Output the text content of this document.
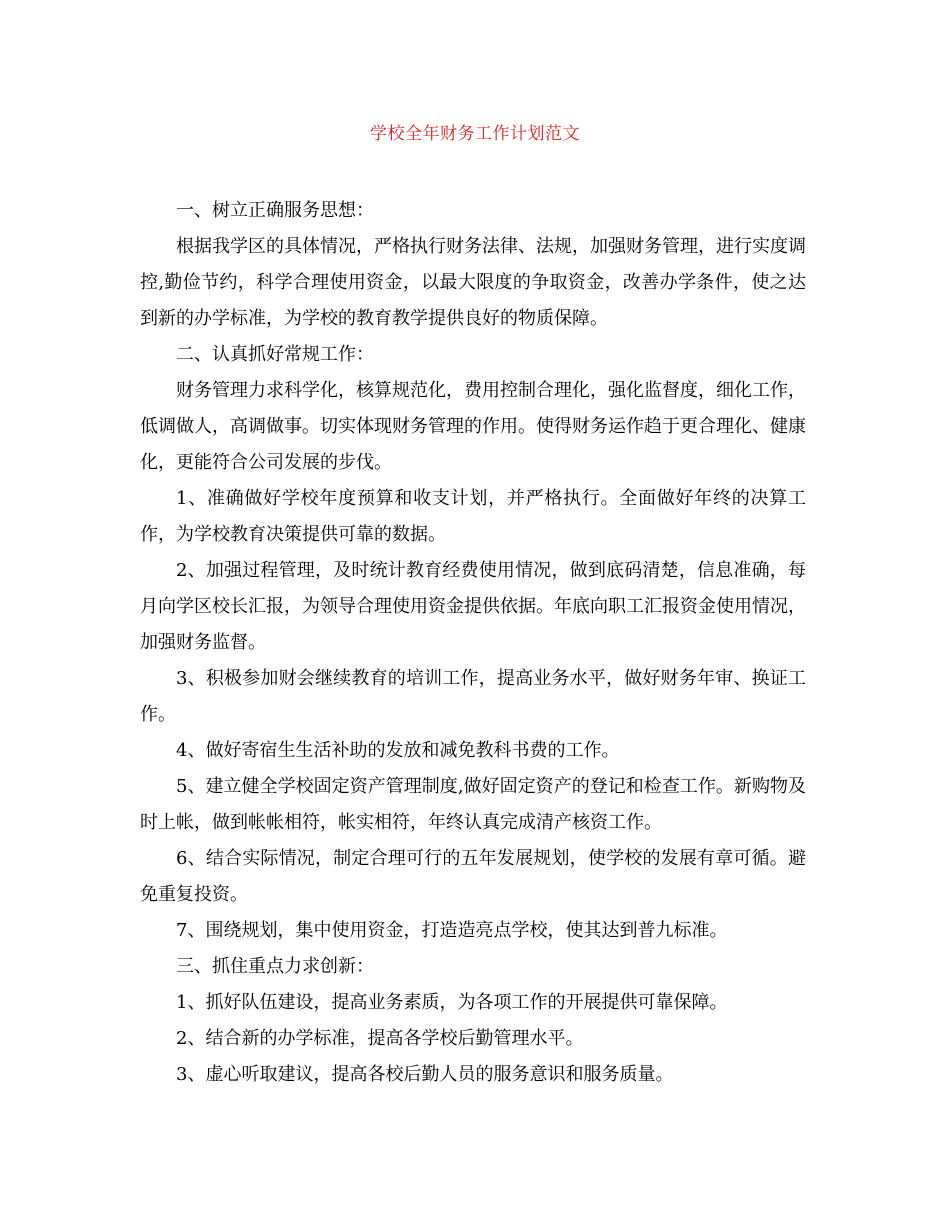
学校全年财务工作计划范文

一、树立正确服务思想：

根据我学区的具体情况，严格执行财务法律、法规，加强财务管理，进行实度调控,勤俭节约，科学合理使用资金，以最大限度的争取资金，改善办学条件，使之达到新的办学标准，为学校的教育教学提供良好的物质保障。

二、认真抓好常规工作：

财务管理力求科学化，核算规范化，费用控制合理化，强化监督度，细化工作，低调做人，高调做事。切实体现财务管理的作用。使得财务运作趋于更合理化、健康化，更能符合公司发展的步伐。

1、准确做好学校年度预算和收支计划，并严格执行。全面做好年终的决算工作，为学校教育决策提供可靠的数据。

2、加强过程管理，及时统计教育经费使用情况，做到底码清楚，信息准确，每月向学区校长汇报，为领导合理使用资金提供依据。年底向职工汇报资金使用情况，加强财务监督。

3、积极参加财会继续教育的培训工作，提高业务水平，做好财务年审、换证工作。

4、做好寄宿生生活补助的发放和减免教科书费的工作。

5、建立健全学校固定资产管理制度,做好固定资产的登记和检查工作。新购物及时上帐，做到帐帐相符，帐实相符，年终认真完成清产核资工作。

6、结合实际情况，制定合理可行的五年发展规划，使学校的发展有章可循。避免重复投资。

7、围绕规划，集中使用资金，打造造亮点学校，使其达到普九标准。

三、抓住重点力求创新：

1、抓好队伍建设，提高业务素质，为各项工作的开展提供可靠保障。

2、结合新的办学标准，提高各学校后勤管理水平。

3、虚心听取建议，提高各校后勤人员的服务意识和服务质量。
